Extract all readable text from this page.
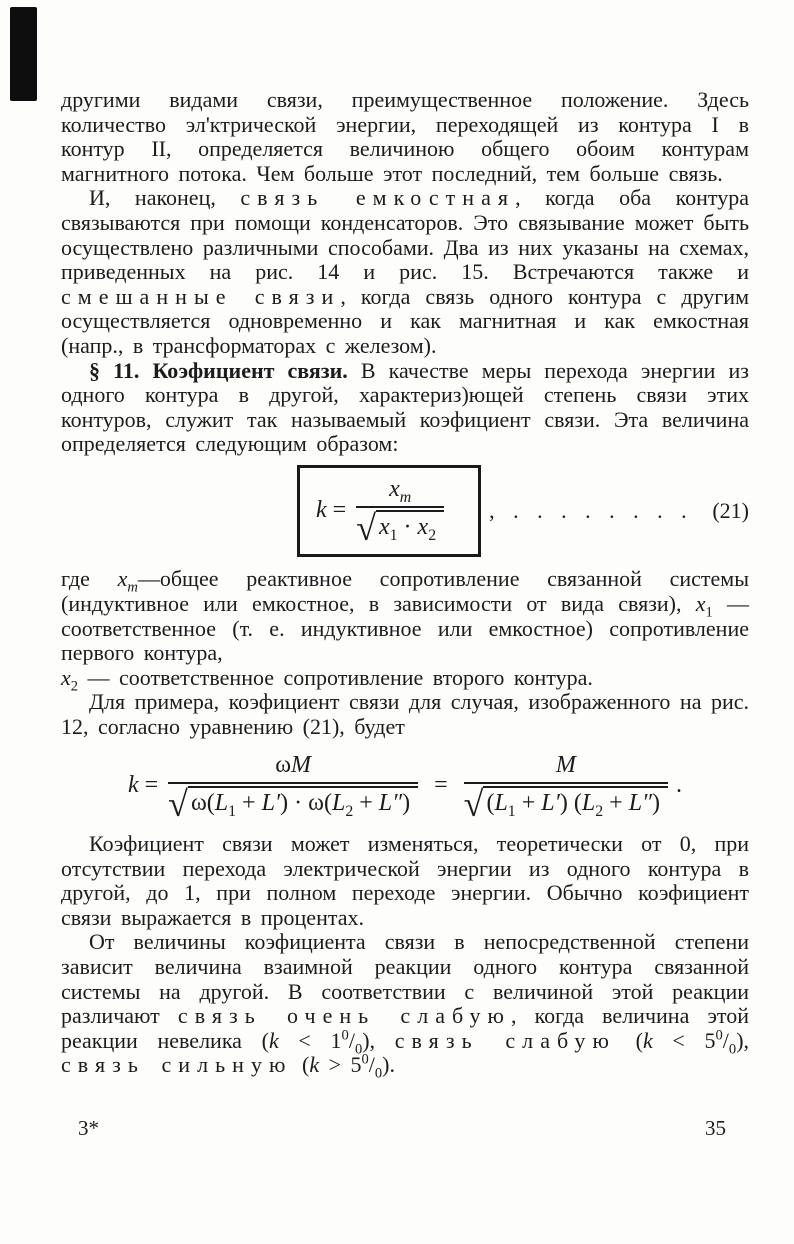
другими видами связи, преимущественное положение. Здесь количество эл'ктрической энергии, переходящей из контура I в контур II, определяется величиною общего обоим контурам магнитного потока. Чем больше этот последний, тем больше связь.

И, наконец, связь емкостная, когда оба контура связываются при помощи конденсаторов. Это связывание может быть осуществлено различными способами. Два из них указаны на схемах, приведенных на рис. 14 и рис. 15. Встречаются также и смешанные связи, когда связь одного контура с другим осуществляется одновременно и как магнитная и как емкостная (напр., в трансформаторах с железом).

§ 11. Коэфициент связи. В качестве меры перехода энергии из одного контура в другой, характериз)ющей степень связи этих контуров, служит так называемый коэфициент связи. Эта величина определяется следующим образом:

$k = \frac{x_m}{√ x_1 \cdot x_2}$ , . . . . . . . . (21)

где $x_m—общее$ реактивное сопротивление связанной системы (индуктивное или емкостное, в зависимости от вида связи), $x_1$ — соответственное (т. е. индуктивное или емкостное) сопротивление первого контура,

$x_2$ — соответственное сопротивление второго контура.

Для примера, коэфициент связи для случая, изображенного на рис. 12, согласно уравнению (21), будет

$k = \frac{\omega M}{√ \omega(L_1 + L') \cdot \omega(L_2 + L'')} = \frac{M}{√ (L_1 + L') (L_2 + L'')}$ .

Коэфициент связи может изменяться, теоретически от 0, при отсутствии перехода электрической энергии из одного контура в другой, до 1, при полном переходе энергии. Обычно коэфициент связи выражается в процентах.

От величины коэфициента связи в непосредственной степени зависит величина взаимной реакции одного контура связанной системы на другой. В соответствии с величиной этой реакции различают связь очень слабую, когда величина этой реакции невелика $(k < 1^0/_0)$, связь слабую $(k < 5^0/_0)$, связь сильную $(k > 5^0/_0)$.

3*	35
